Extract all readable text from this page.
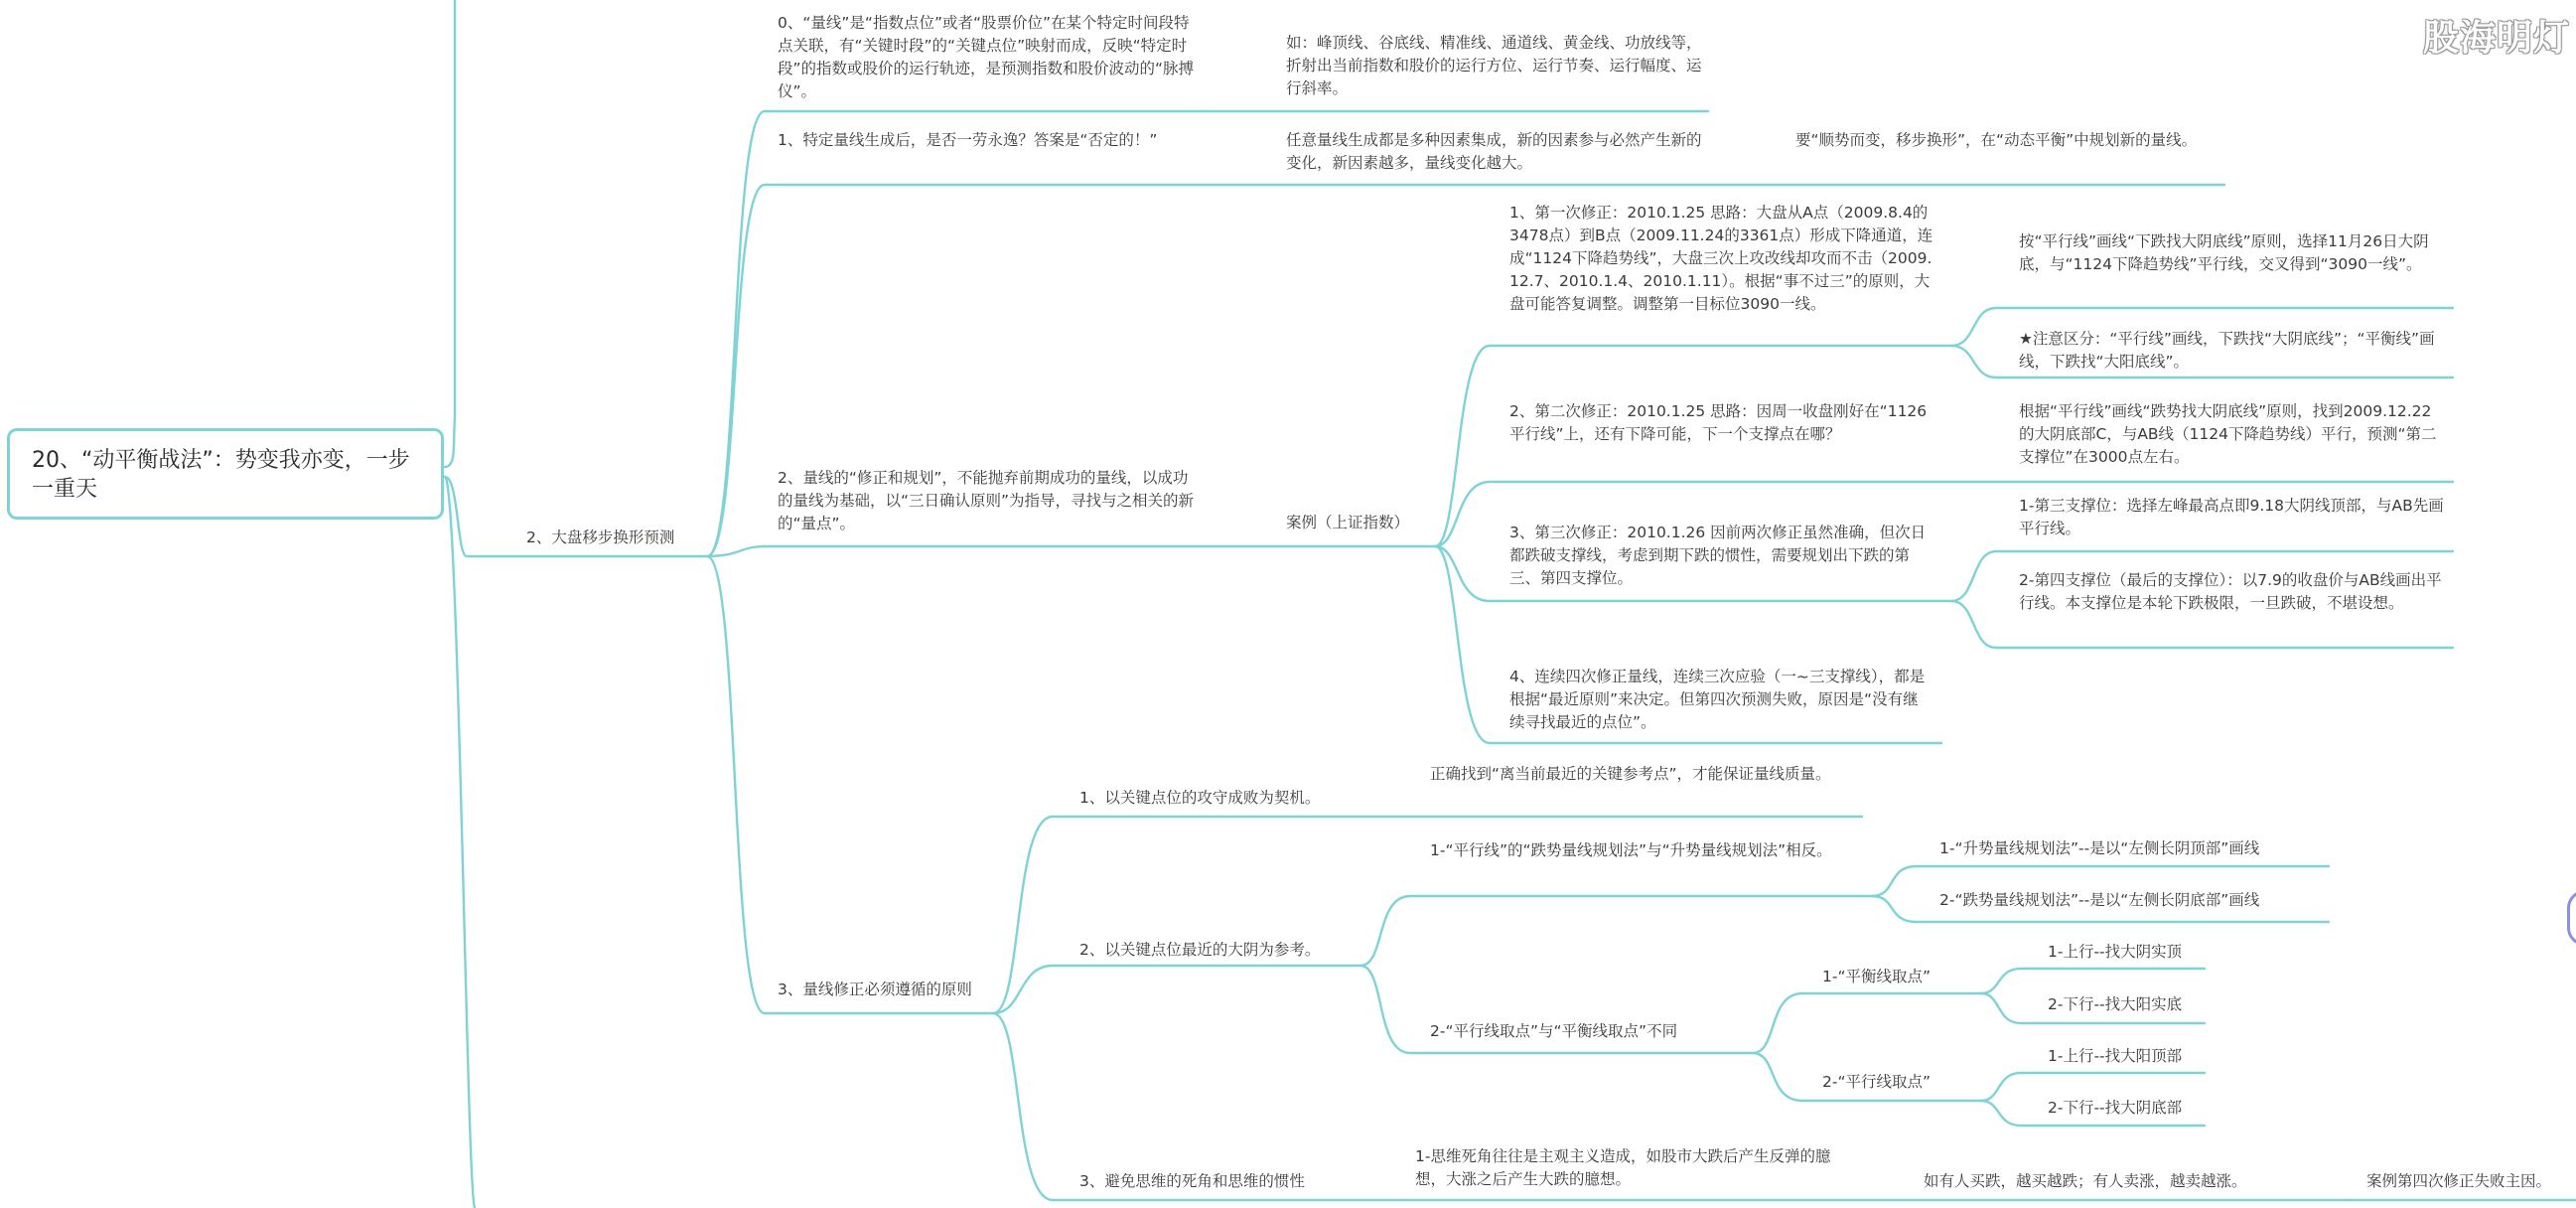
20、“动平衡战法”：势变我亦变，一步一重天
0、“量线”是“指数点位”或者“股票价位”在某个特定时间段特点关联，有“关键时段”的“关键点位”映射而成，反映“特定时段”的指数或股价的运行轨迹，是预测指数和股价波动的“脉搏仪”。
如：峰顶线、谷底线、精准线、通道线、黄金线、功放线等，折射出当前指数和股价的运行方位、运行节奏、运行幅度、运行斜率。
1、特定量线生成后，是否一劳永逸？答案是“否定的！”	任意量线生成都是多种因素集成，新的因素参与必然产生新的变化，新因素越多，量线变化越大。
要“顺势而变，移步换形”，在“动态平衡”中规划新的量线。
2、大盘移步换形预测
2、量线的“修正和规划”，不能抛弃前期成功的量线，以成功的量线为基础，以“三日确认原则”为指导，寻找与之相关的新的“量点”。	案例（上证指数）
1、第一次修正：2010.1.25 思路：大盘从A点（2009.8.4的3478点）到B点（2009.11.24的3361点）形成下降通道，连成“1124下降趋势线”，大盘三次上攻改线却攻而不击（2009.12.7、2010.1.4、2010.1.11）。根据“事不过三”的原则，大盘可能答复调整。调整第一目标位3090一线。
按“平行线”画线“下跌找大阴底线”原则，选择11月26日大阴底，与“1124下降趋势线”平行线，交叉得到“3090一线”。
★注意区分：“平行线”画线，下跌找“大阴底线”；“平衡线”画线，下跌找“大阳底线”。
2、第二次修正：2010.1.25 思路：因周一收盘刚好在“1126平行线”上，还有下降可能，下一个支撑点在哪？
根据“平行线”画线“跌势找大阴底线”原则，找到2009.12.22的大阴底部C，与AB线（1124下降趋势线）平行，预测“第二支撑位”在3000点左右。
3、第三次修正：2010.1.26 因前两次修正虽然准确，但次日都跌破支撑线，考虑到期下跌的惯性，需要规划出下跌的第三、第四支撑位。
1-第三支撑位：选择左峰最高点即9.18大阴线顶部，与AB先画平行线。
2-第四支撑位（最后的支撑位）：以7.9的收盘价与AB线画出平行线。本支撑位是本轮下跌极限，一旦跌破，不堪设想。
4、连续四次修正量线，连续三次应验（一~三支撑线），都是根据“最近原则”来决定。但第四次预测失败，原因是“没有继续寻找最近的点位”。
3、量线修正必须遵循的原则
1、以关键点位的攻守成败为契机。
正确找到“离当前最近的关键参考点”，才能保证量线质量。
2、以关键点位最近的大阴为参考。
1-“平行线”的“跌势量线规划法”与“升势量线规划法”相反。	1-“升势量线规划法”--是以“左侧长阴顶部”画线
2-“跌势量线规划法”--是以“左侧长阴底部”画线
2-“平行线取点”与“平衡线取点”不同
1-“平衡线取点”
1-上行--找大阴实顶
2-下行--找大阳实底
2-“平行线取点”
1-上行--找大阳顶部
2-下行--找大阴底部
3、避免思维的死角和思维的惯性
1-思维死角往往是主观主义造成，如股市大跌后产生反弹的臆想，大涨之后产生大跌的臆想。	如有人买跌，越买越跌；有人卖涨，越卖越涨。	案例第四次修正失败主因。
股海明灯
